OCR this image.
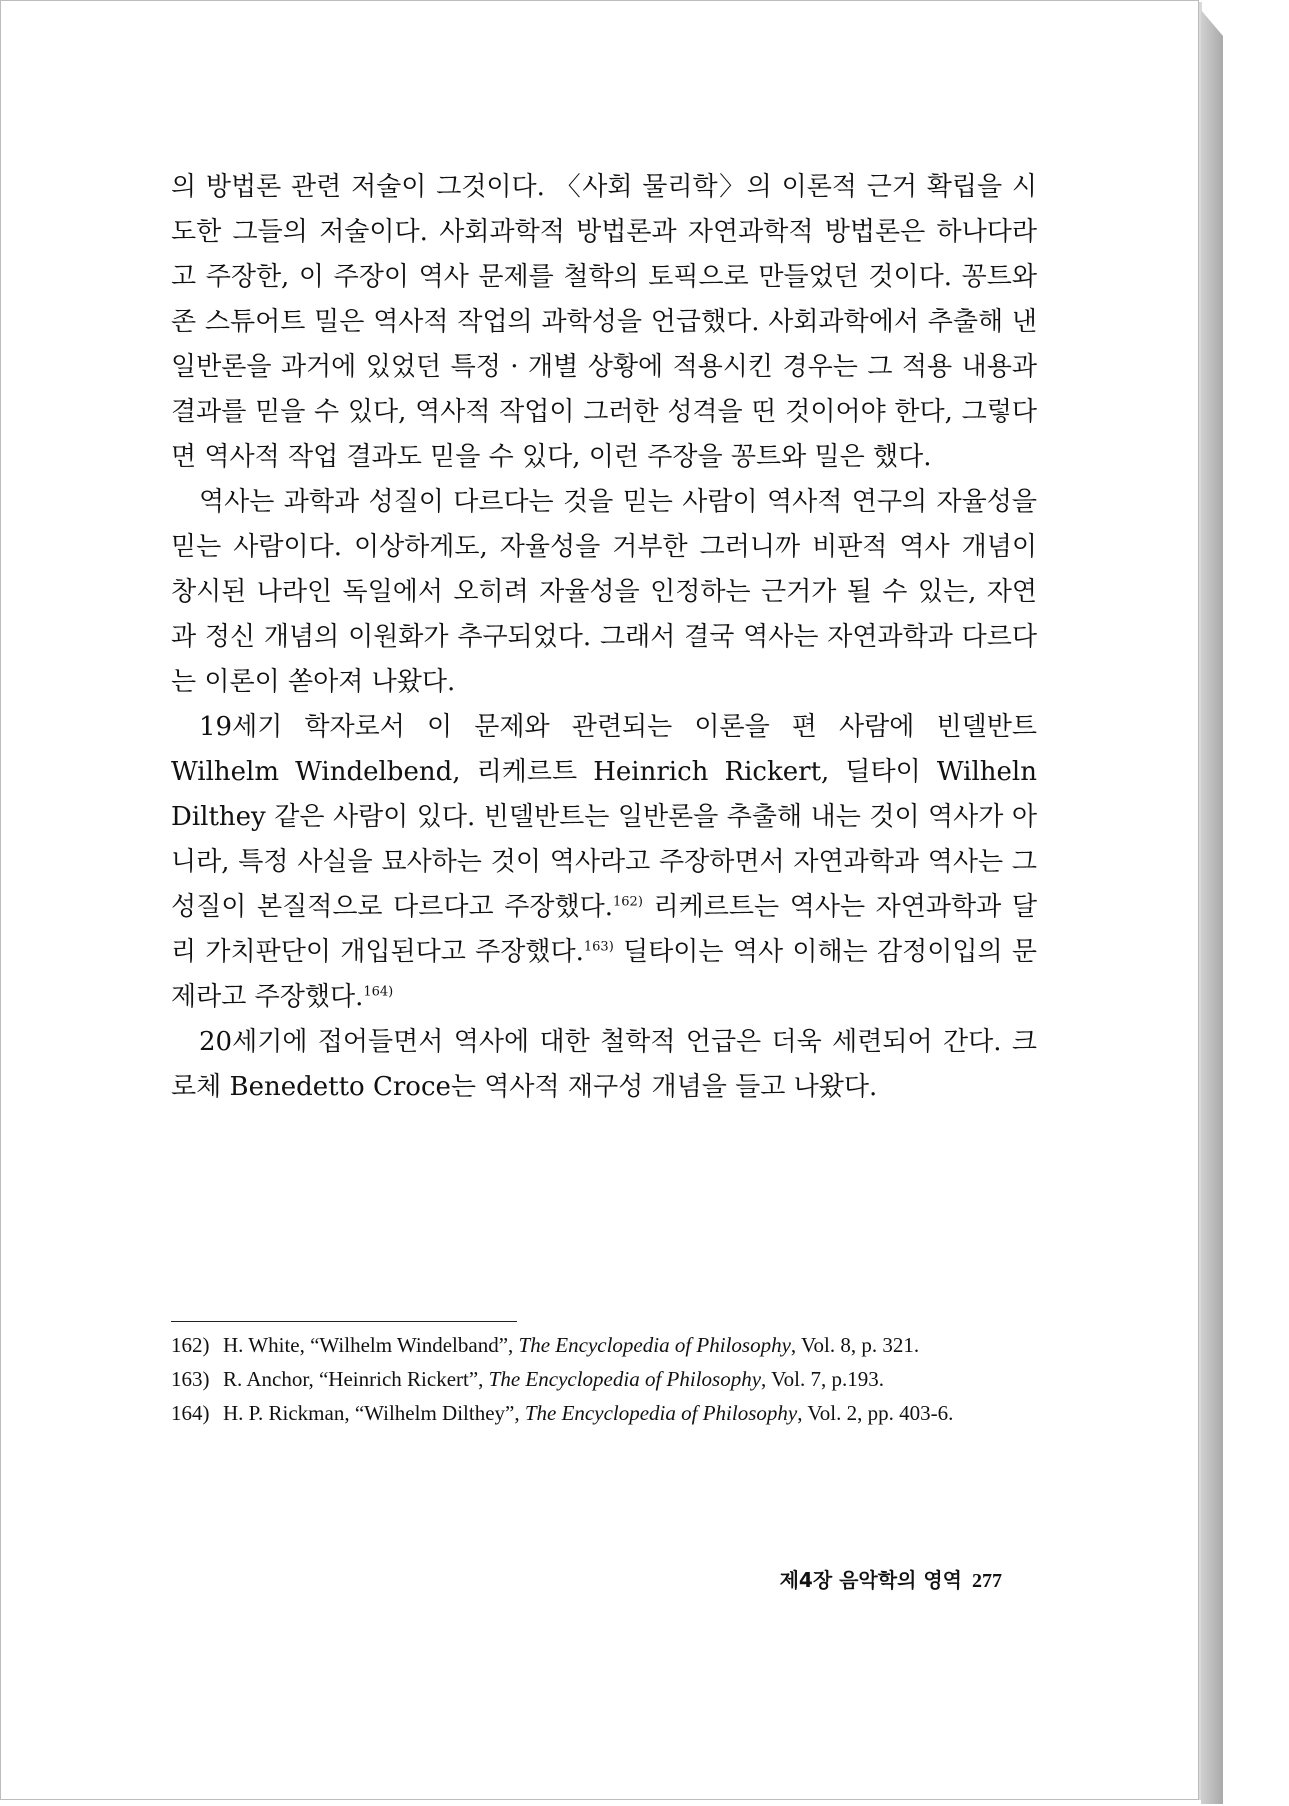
의 방법론 관련 저술이 그것이다. 〈사회 물리학〉의 이론적 근거 확립을 시도한 그들의 저술이다. 사회과학적 방법론과 자연과학적 방법론은 하나다라고 주장한, 이 주장이 역사 문제를 철학의 토픽으로 만들었던 것이다. 꽁트와 존 스튜어트 밀은 역사적 작업의 과학성을 언급했다. 사회과학에서 추출해 낸 일반론을 과거에 있었던 특정 · 개별 상황에 적용시킨 경우는 그 적용 내용과 결과를 믿을 수 있다, 역사적 작업이 그러한 성격을 띤 것이어야 한다, 그렇다면 역사적 작업 결과도 믿을 수 있다, 이런 주장을 꽁트와 밀은 했다.

역사는 과학과 성질이 다르다는 것을 믿는 사람이 역사적 연구의 자율성을 믿는 사람이다. 이상하게도, 자율성을 거부한 그러니까 비판적 역사 개념이 창시된 나라인 독일에서 오히려 자율성을 인정하는 근거가 될 수 있는, 자연과 정신 개념의 이원화가 추구되었다. 그래서 결국 역사는 자연과학과 다르다는 이론이 쏟아져 나왔다.

19세기 학자로서 이 문제와 관련되는 이론을 편 사람에 빈델반트 Wilhelm Windelbend, 리케르트 Heinrich Rickert, 딜타이 Wilheln Dilthey 같은 사람이 있다. 빈델반트는 일반론을 추출해 내는 것이 역사가 아니라, 특정 사실을 묘사하는 것이 역사라고 주장하면서 자연과학과 역사는 그 성질이 본질적으로 다르다고 주장했다.$^{162)}$ 리케르트는 역사는 자연과학과 달리 가치판단이 개입된다고 주장했다.$^{163)}$ 딜타이는 역사 이해는 감정이입의 문제라고 주장했다.$^{164)}$

20세기에 접어들면서 역사에 대한 철학적 언급은 더욱 세련되어 간다. 크로체 Benedetto Croce는 역사적 재구성 개념을 들고 나왔다.

162) H. White, “Wilhelm Windelband”, The Encyclopedia of Philosophy, Vol. 8, p. 321.
163) R. Anchor, “Heinrich Rickert”, The Encyclopedia of Philosophy, Vol. 7, p.193.
164) H. P. Rickman, “Wilhelm Dilthey”, The Encyclopedia of Philosophy, Vol. 2, pp. 403-6.
제4장 음악학의 영역 277
